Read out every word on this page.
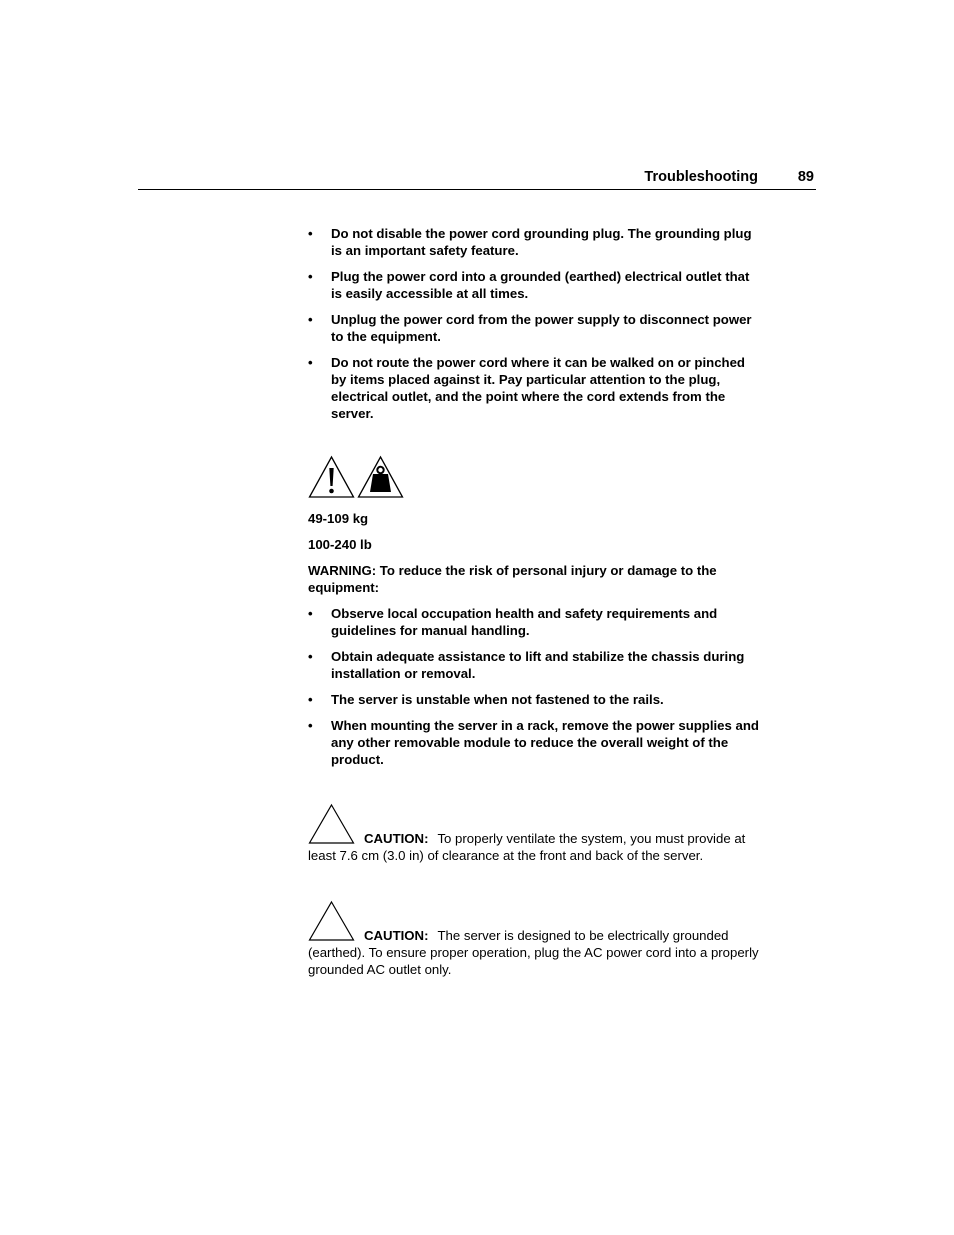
Troubleshooting	89
• Do not disable the power cord grounding plug. The grounding plug is an important safety feature.
• Plug the power cord into a grounded (earthed) electrical outlet that is easily accessible at all times.
• Unplug the power cord from the power supply to disconnect power to the equipment.
• Do not route the power cord where it can be walked on or pinched by items placed against it. Pay particular attention to the plug, electrical outlet, and the point where the cord extends from the server.

49-109 kg

100-240 lb

WARNING: To reduce the risk of personal injury or damage to the equipment:

• Observe local occupation health and safety requirements and guidelines for manual handling.
• Obtain adequate assistance to lift and stabilize the chassis during installation or removal.
• The server is unstable when not fastened to the rails.
• When mounting the server in a rack, remove the power supplies and any other removable module to reduce the overall weight of the product.
CAUTION: To properly ventilate the system, you must provide at least 7.6 cm (3.0 in) of clearance at the front and back of the server.
CAUTION: The server is designed to be electrically grounded (earthed). To ensure proper operation, plug the AC power cord into a properly grounded AC outlet only.
